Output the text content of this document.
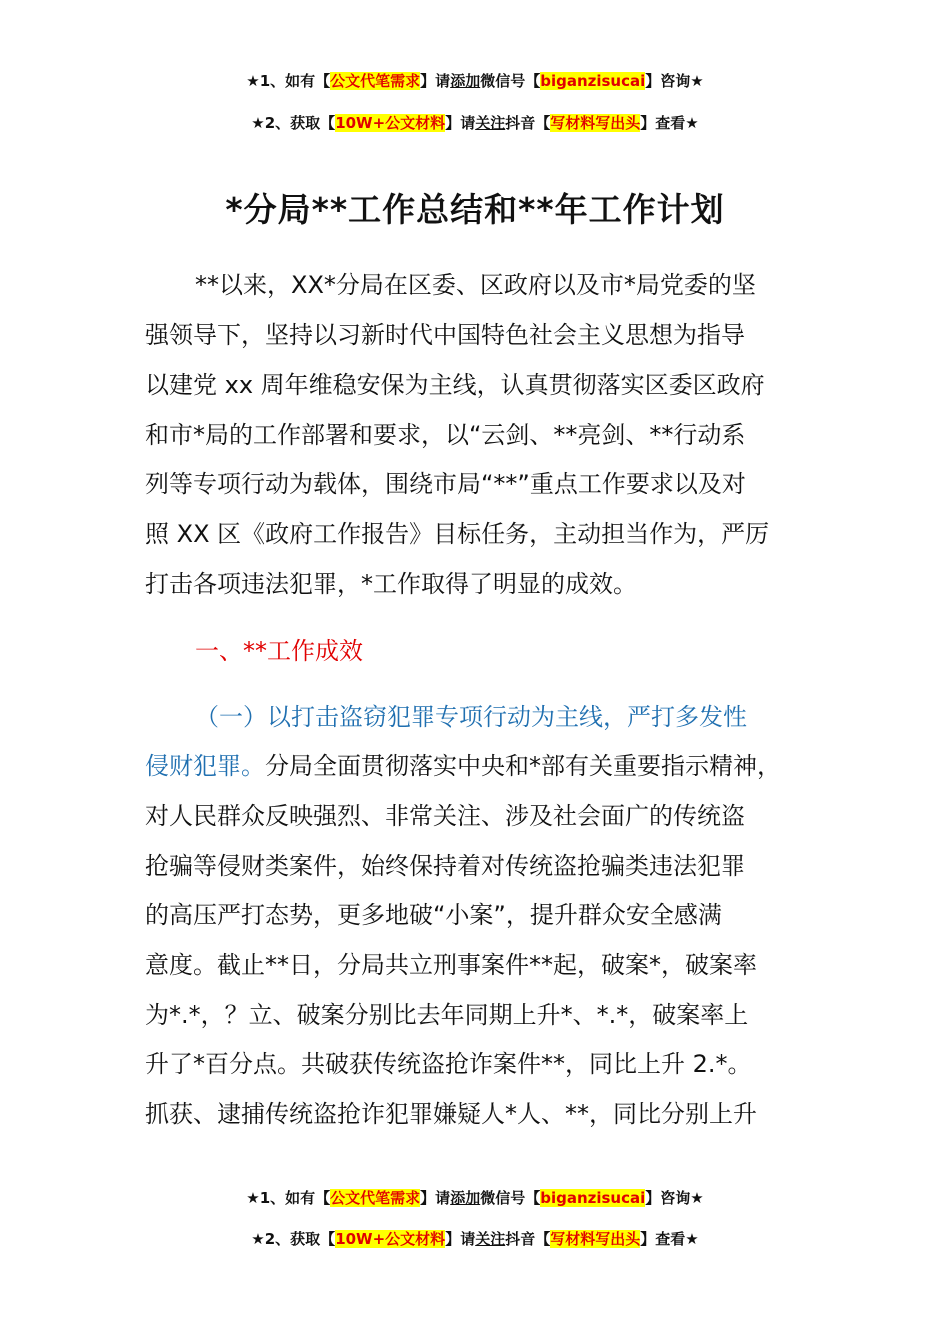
★1、如有【公文代笔需求】请添加微信号【biganzisucai】咨询★
★2、获取【10W+公文材料】请关注抖音【写材料写出头】查看★
*分局**工作总结和**年工作计划
**以来，XX*分局在区委、区政府以及市*局党委的坚
强领导下，坚持以习新时代中国特色社会主义思想为指导
以建党 xx 周年维稳安保为主线，认真贯彻落实区委区政府
和市*局的工作部署和要求，以“云剑、**亮剑、**行动系
列等专项行动为载体，围绕市局“**”重点工作要求以及对
照 XX 区《政府工作报告》目标任务，主动担当作为，严厉
打击各项违法犯罪，*工作取得了明显的成效。
一、**工作成效
（一）以打击盗窃犯罪专项行动为主线，严打多发性
侵财犯罪。分局全面贯彻落实中央和*部有关重要指示精神，
对人民群众反映强烈、非常关注、涉及社会面广的传统盗
抢骗等侵财类案件，始终保持着对传统盗抢骗类违法犯罪
的高压严打态势，更多地破“小案”，提升群众安全感满
意度。截止**日，分局共立刑事案件**起，破案*，破案率
为*.*，？立、破案分别比去年同期上升*、*.*，破案率上
升了*百分点。共破获传统盗抢诈案件**，同比上升 2.*。
抓获、逮捕传统盗抢诈犯罪嫌疑人*人、**，同比分别上升
★1、如有【公文代笔需求】请添加微信号【biganzisucai】咨询★
★2、获取【10W+公文材料】请关注抖音【写材料写出头】查看★
